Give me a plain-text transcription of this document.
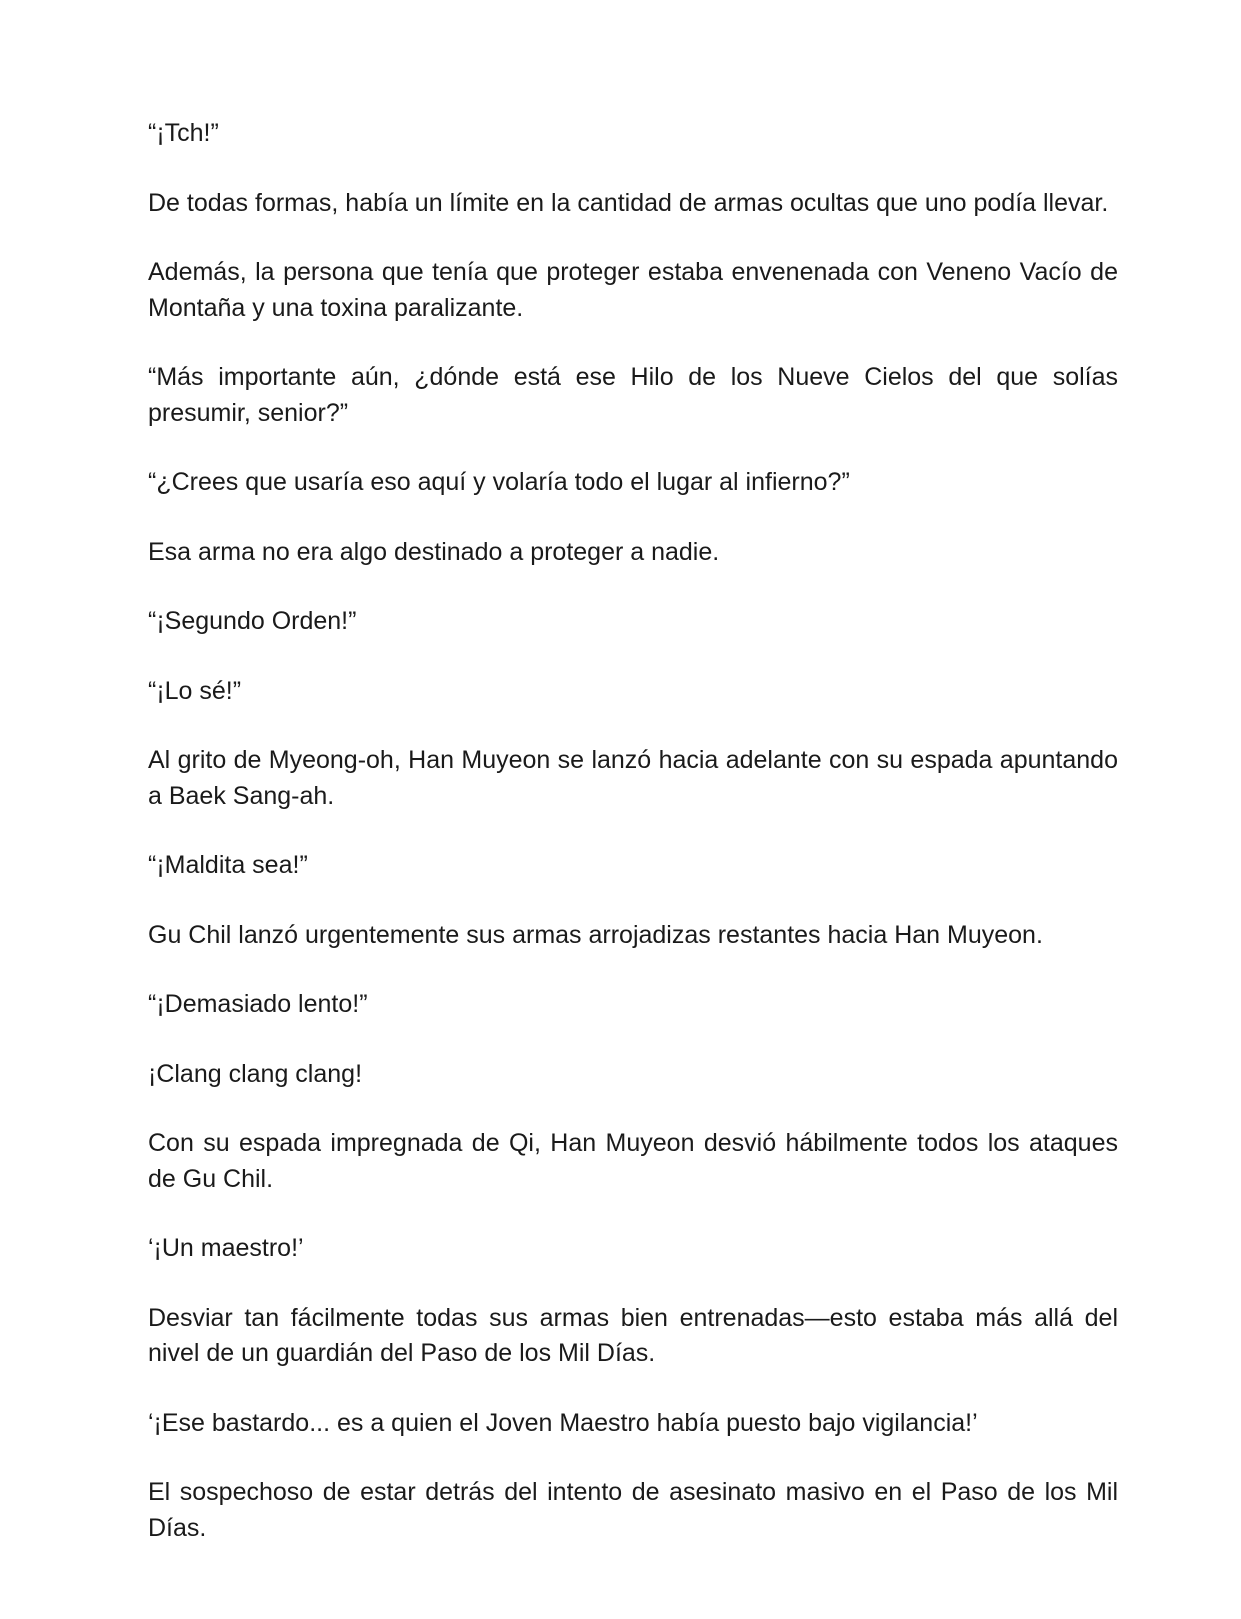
“¡Tch!”

De todas formas, había un límite en la cantidad de armas ocultas que uno podía llevar.

Además, la persona que tenía que proteger estaba envenenada con Veneno Vacío de Montaña y una toxina paralizante.

“Más importante aún, ¿dónde está ese Hilo de los Nueve Cielos del que solías presumir, senior?”

“¿Crees que usaría eso aquí y volaría todo el lugar al infierno?”

Esa arma no era algo destinado a proteger a nadie.

“¡Segundo Orden!”

“¡Lo sé!”

Al grito de Myeong-oh, Han Muyeon se lanzó hacia adelante con su espada apuntando a Baek Sang-ah.

“¡Maldita sea!”

Gu Chil lanzó urgentemente sus armas arrojadizas restantes hacia Han Muyeon.

“¡Demasiado lento!”

¡Clang clang clang!

Con su espada impregnada de Qi, Han Muyeon desvió hábilmente todos los ataques de Gu Chil.

‘¡Un maestro!’

Desviar tan fácilmente todas sus armas bien entrenadas—esto estaba más allá del nivel de un guardián del Paso de los Mil Días.

‘¡Ese bastardo... es a quien el Joven Maestro había puesto bajo vigilancia!’

El sospechoso de estar detrás del intento de asesinato masivo en el Paso de los Mil Días.
